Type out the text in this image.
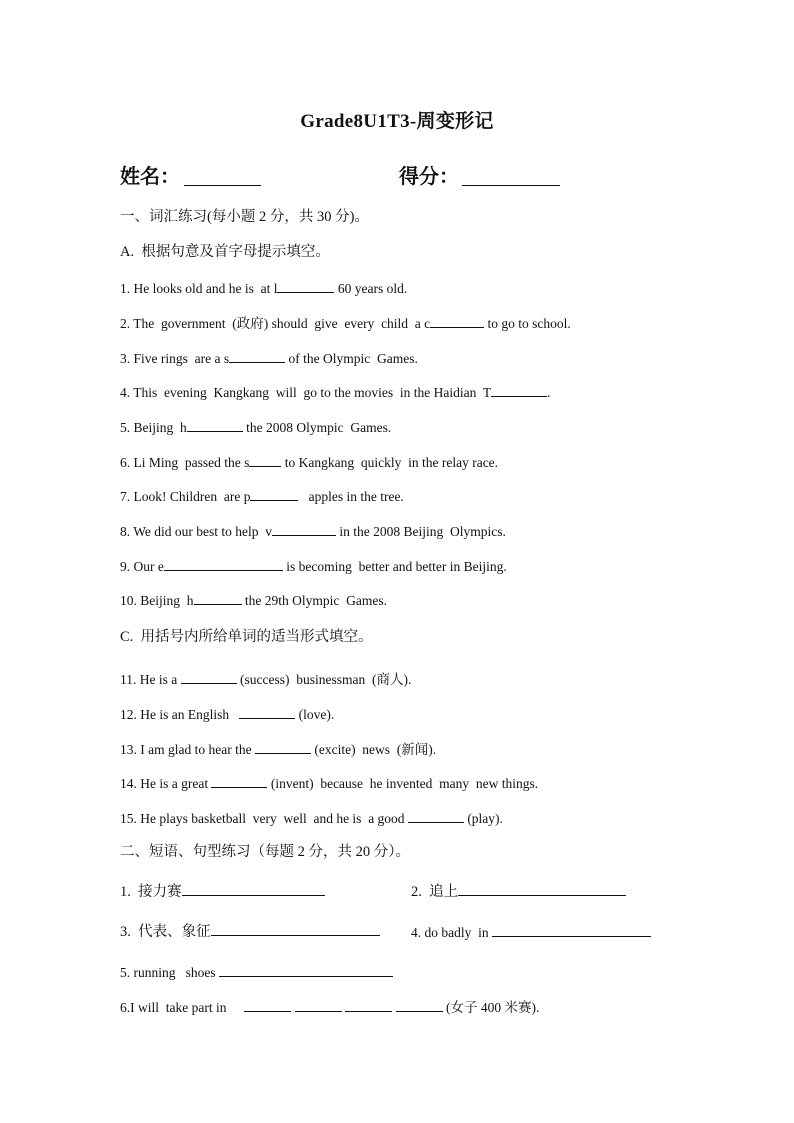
Grade8U1T3-周变形记
姓名：	得分：
一、词汇练习(每小题 2 分，共 30 分)。
A.  根据句意及首字母提示填空。
1. He looks old and he is  at l	60 years old.
2. The  government  (政府) should  give  every  child  a c	to go to school.
3. Five rings  are a s	of the Olympic  Games.
4. This  evening  Kangkang  will  go to the movies  in the Haidian  T	.
5. Beijing  h	the 2008 Olympic  Games.
6. Li Ming  passed the s to Kangkang  quickly  in the relay race.
7. Look! Children  are p	apples in the tree.
8. We did our best to help  v	in the 2008 Beijing  Olympics.
9. Our e	is becoming  better and better in Beijing.
10. Beijing  h	the 29th Olympic  Games.
C.  用括号内所给单词的适当形式填空。
11. He is a	(success)  businessman  (商人).
12. He is an English	(love).
13. I am glad to hear the	(excite)  news  (新闻).
14. He is a great	(invent)  because  he invented  many  new things.
15. He plays basketball  very  well  and he is  a good	(play).
二、短语、句型练习（每题 2 分，共 20 分）。
1.  接力赛	2.  追上
3.  代表、象征	4. do badly  in
5. running   shoes
6.I will  take part in	(女子 400 米赛).
